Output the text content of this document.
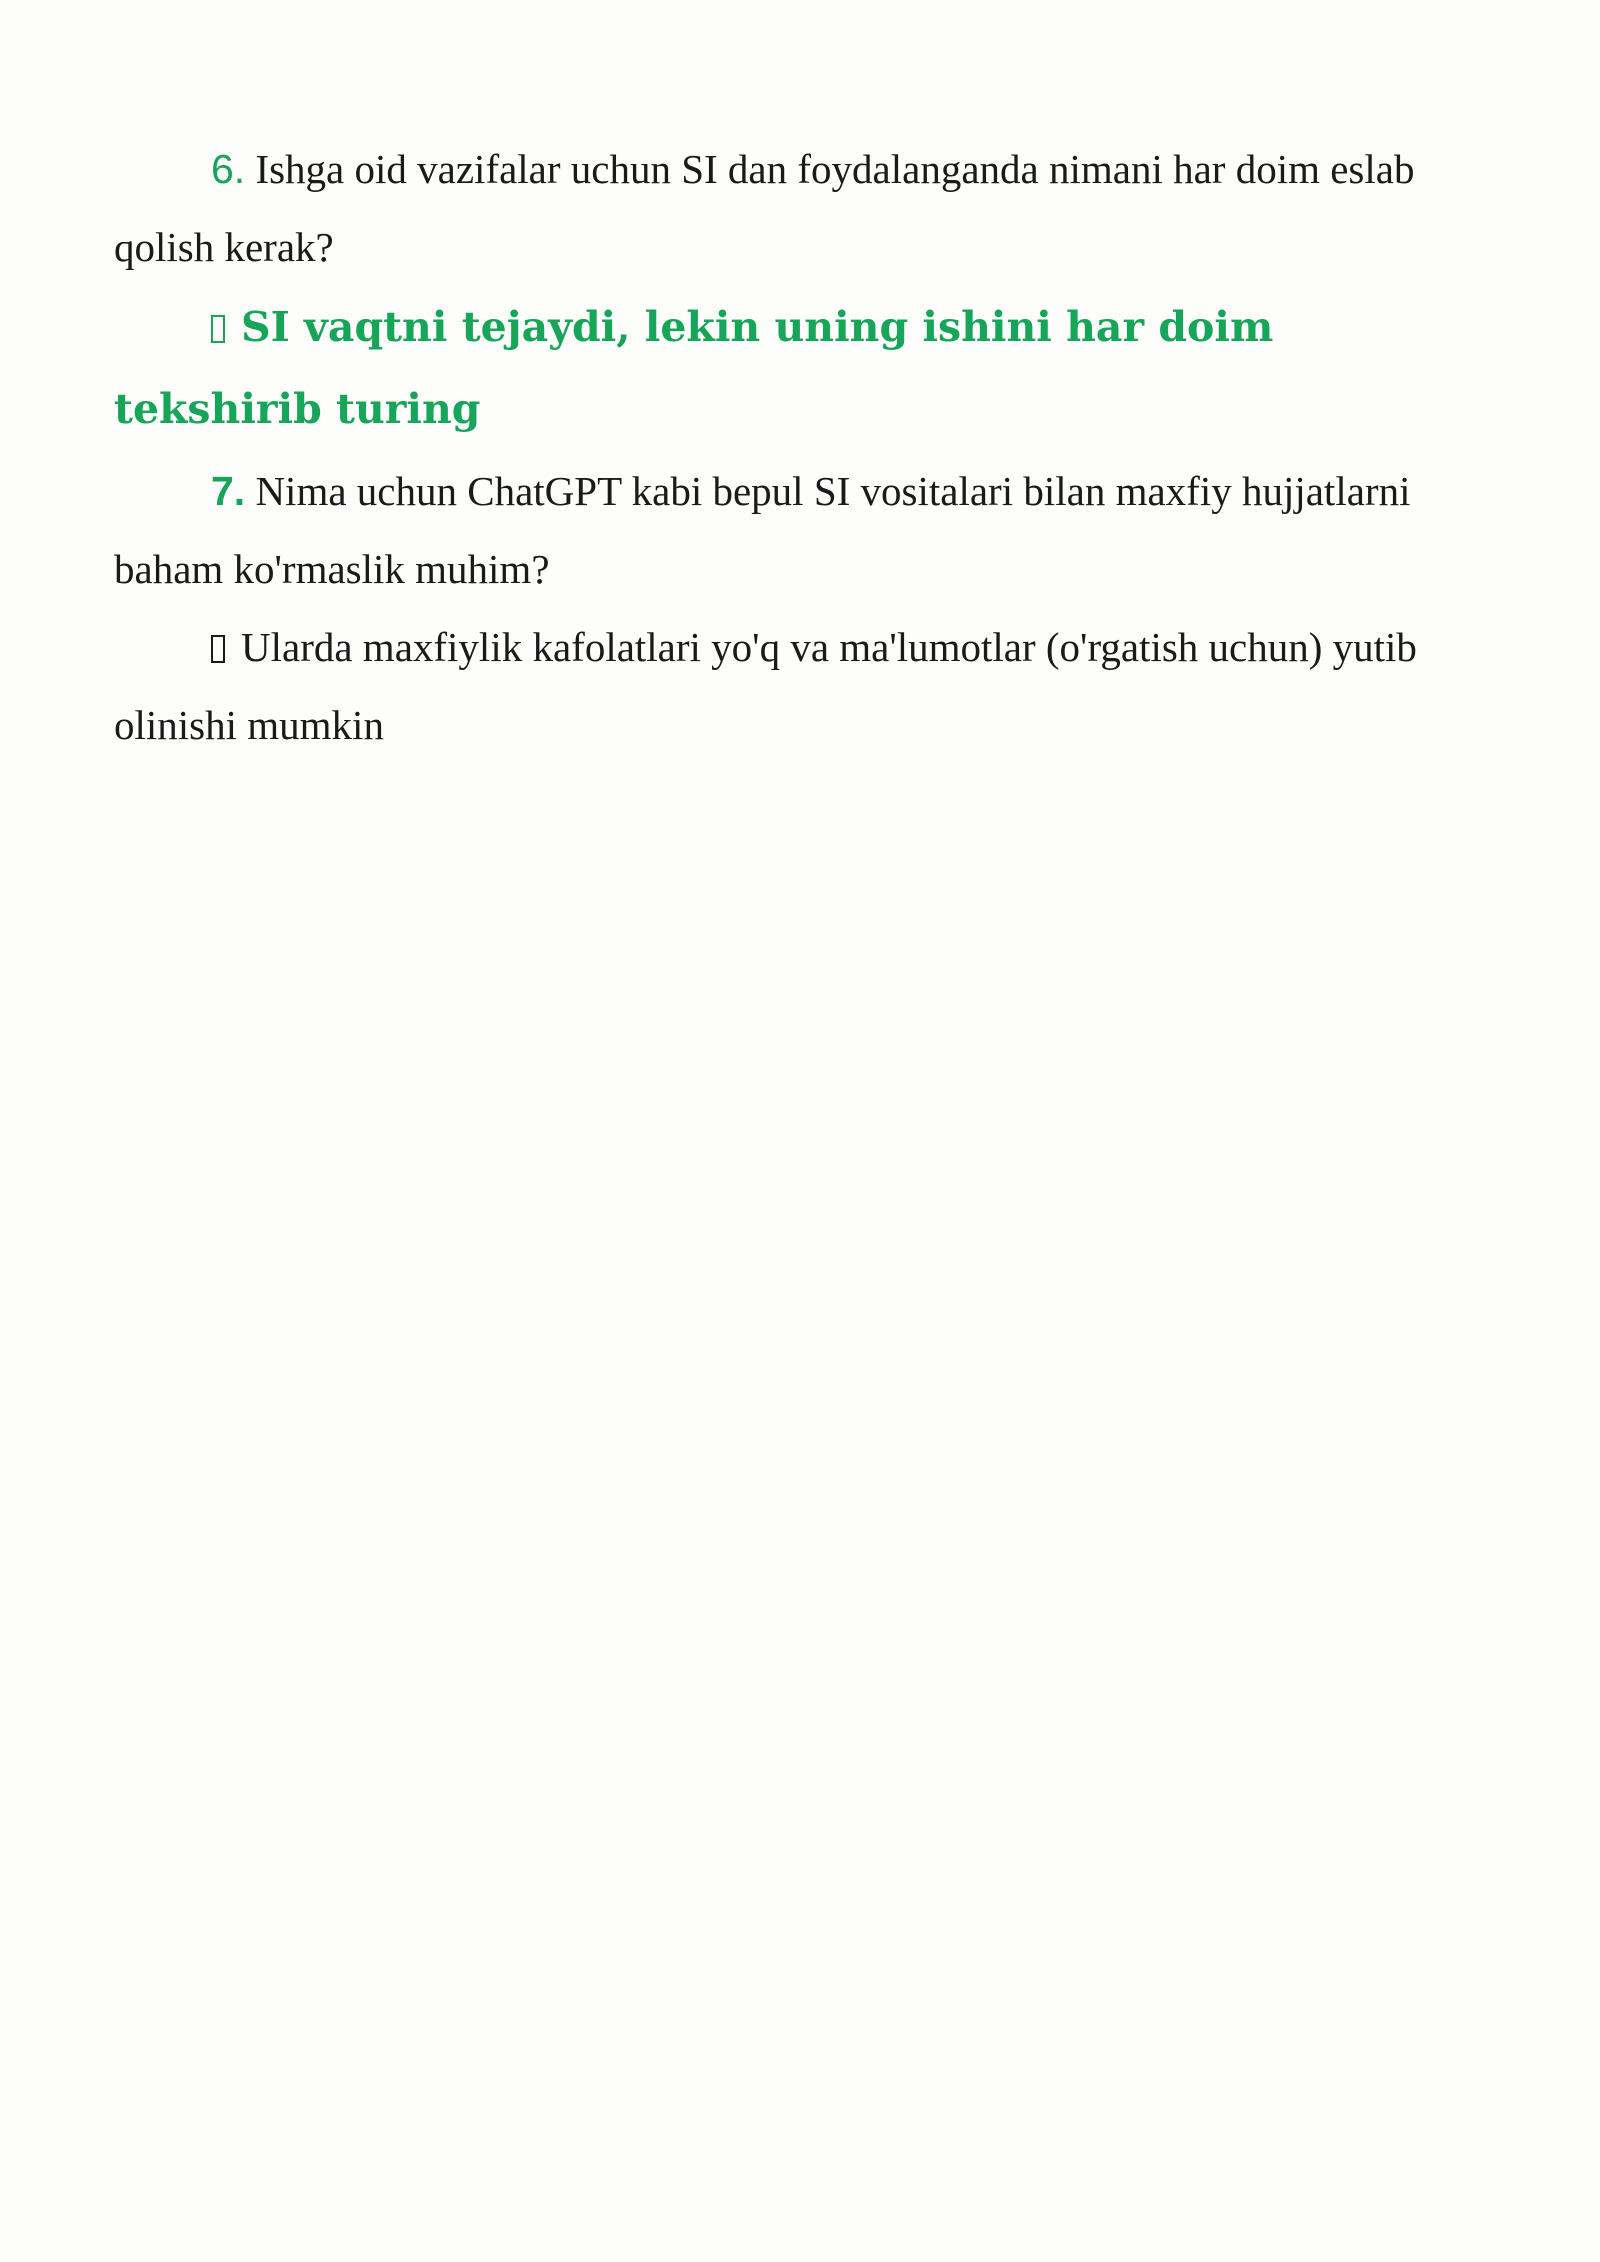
6. Ishga oid vazifalar uchun SI dan foydalanganda nimani har doim eslab qolish kerak?

SI vaqtni tejaydi, lekin uning ishini har doim tekshirib turing

7. Nima uchun ChatGPT kabi bepul SI vositalari bilan maxfiy hujjatlarni baham ko'rmaslik muhim?

Ularda maxfiylik kafolatlari yo'q va ma'lumotlar (o'rgatish uchun) yutib olinishi mumkin
